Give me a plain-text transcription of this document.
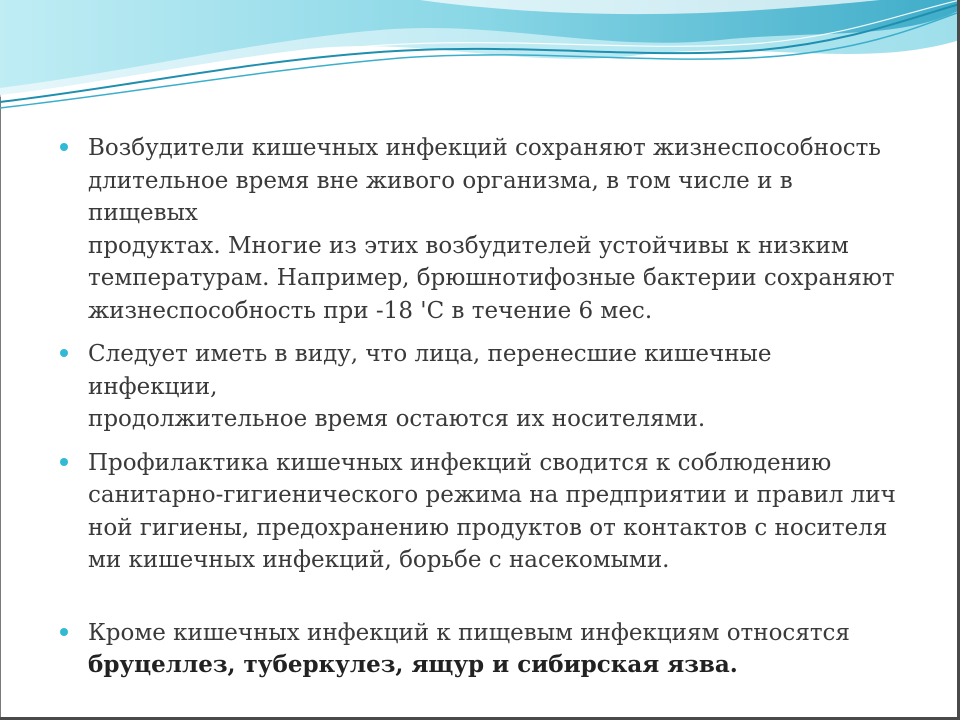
Возбудители кишечных инфекций сохраняют жизнеспособность
длительное время вне живого организма, в том числе и в пищевых
продуктах. Многие из этих возбудителей устойчивы к низким
температурам. Например, брюшнотифозные бактерии сохраняют
жизнеспособность при -18 'С в течение 6 мес.
Следует иметь в виду, что лица, перенесшие кишечные инфекции,
продолжительное время остаются их носителями.
Профилактика кишечных инфекций сводится к соблюдению
санитарно-гигиенического режима на предприятии и правил лич
ной гигиены, предохранению продуктов от контактов с носителя
ми кишечных инфекций, борьбе с насекомыми.
Кроме кишечных инфекций к пищевым инфекциям относятся
бруцеллез, туберкулез, ящур и сибирская язва.
